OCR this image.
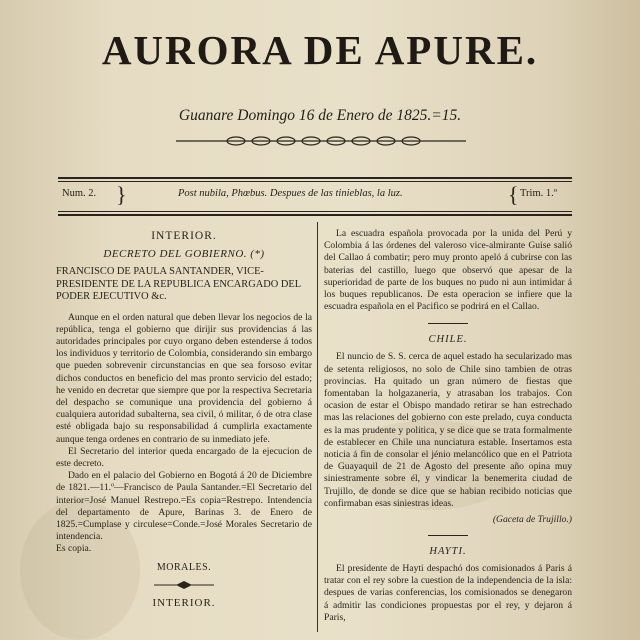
AURORA DE APURE.
Guanare Domingo 16 de Enero de 1825.=15.
Num. 2. }	Post nubila, Phœbus. Despues de las tinieblas, la luz.	{ Trim. 1.º
INTERIOR.
DECRETO DEL GOBIERNO. (*)
FRANCISCO DE PAULA SANTANDER, VICE-PRESIDENTE DE LA REPUBLICA ENCARGADO DEL PODER EJECUTIVO &c.

Aunque en el orden natural que deben llevar los negocios de la república, tenga el gobierno que dirijir sus providencias á las autoridades principales por cuyo organo deben estenderse á todos los individuos y territorio de Colombia, considerando sin embargo que pueden sobrevenir circunstancias en que sea forsoso evitar dichos conductos en beneficio del mas pronto servicio del estado; he venido en decretar que siempre que por la respectiva Secretaria del despacho se comunique una providencia del gobierno á cualquiera autoridad subalterna, sea civil, ó militar, ó de otra clase esté obligada bajo su responsabilidad á cumplirla exactamente aunque tenga ordenes en contrario de su inmediato jefe.

El Secretario del interior queda encargado de la ejecucion de este decreto.

Dado en el palacio del Gobierno en Bogotá á 20 de Diciembre de 1821.—11.º—Francisco de Paula Santander.=El Secretario del interior=José Manuel Restrepo.=Es copia=Restrepo. Intendencia del departamento de Apure, Barinas 3. de Enero de 1825.=Cumplase y circulese=Conde.=José Morales Secretario de intendencia.

Es copia.

MORALES.
INTERIOR.

La escuadra española provocada por la unida del Perú y Colombia á las órdenes del valeroso vice-almirante Guise salió del Callao á combatir; pero muy pronto apeló á cubrirse con las baterias del castillo, luego que observó que apesar de la superioridad de parte de los buques no pudo ni aun intimidar á los buques republicanos. De esta operacion se infiere que la escuadra española en el Pacifico se podrirá en el Callao.

CHILE.

El nuncio de S. S. cerca de aquel estado ha secularizado mas de setenta religiosos, no solo de Chile sino tambien de otras provincias. Ha quitado un gran número de fiestas que fomentaban la holgazaneria, y atrasaban los trabajos. Con ocasion de estar el Obispo mandado retirar se han estrechado mas las relaciones del gobierno con este prelado, cuya conducta es la mas prudente y politica, y se dice que se trata formalmente de establecer en Chile una nunciatura estable. Insertamos esta noticia á fin de consolar el jénio melancólico que en el Patriota de Guayaquil de 21 de Agosto del presente año opina muy siniestramente sobre él, y vindicar la benemerita ciudad de Trujillo, de donde se dice que se habian recibido noticias que confirmaban esas siniestras ideas.

(Gaceta de Trujillo.)
HAYTI.

El presidente de Hayti despachó dos comisionados á Paris á tratar con el rey sobre la cuestion de la independencia de la isla: despues de varias conferencias, los comisionados se denegaron á admitir las condiciones propuestas por el rey, y dejaron á Paris,
